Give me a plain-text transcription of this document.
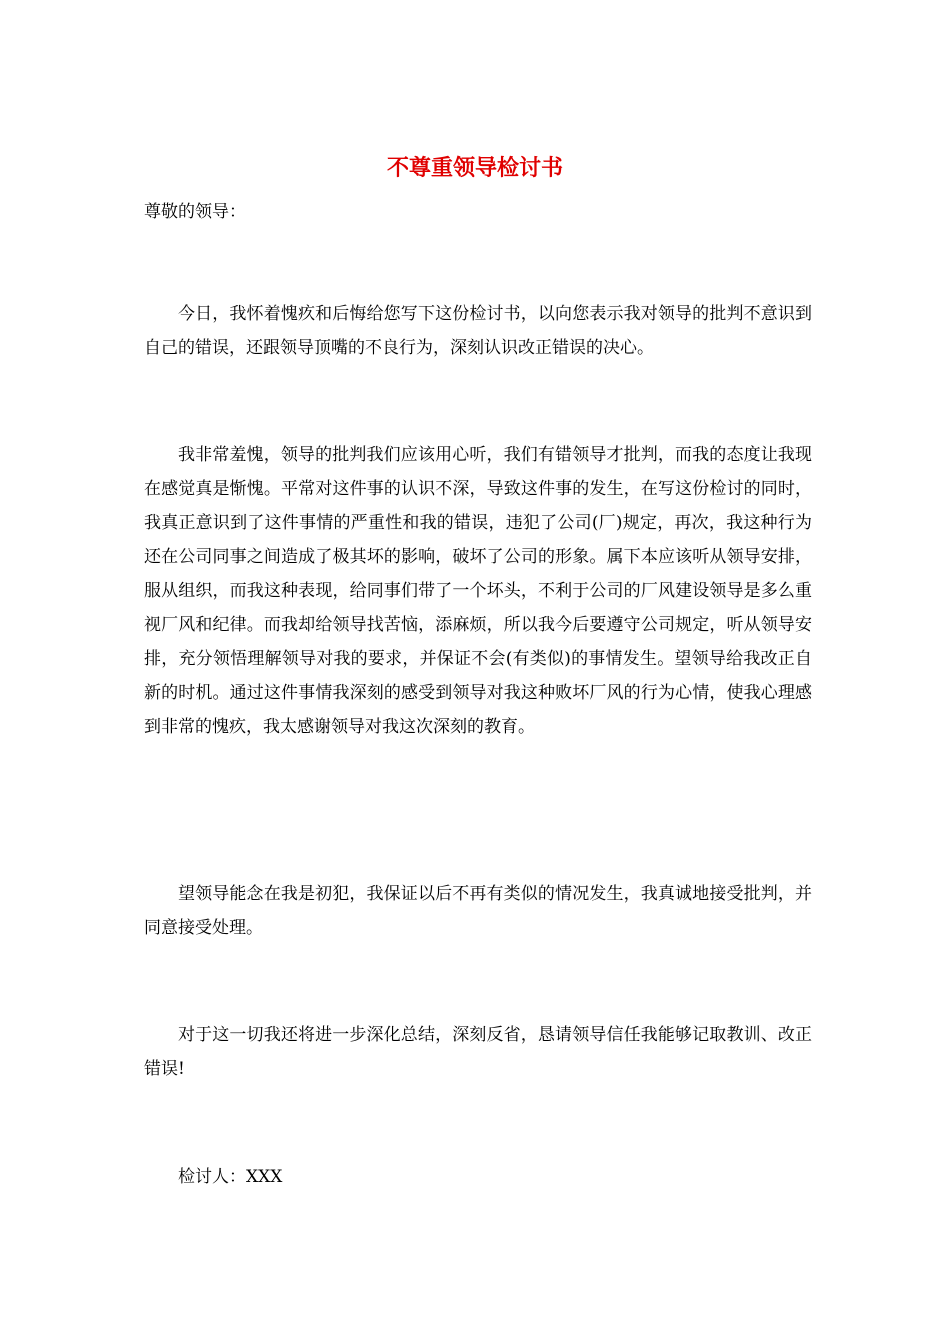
不尊重领导检讨书

尊敬的领导：

今日，我怀着愧疚和后悔给您写下这份检讨书，以向您表示我对领导的批判不意识到自己的错误，还跟领导顶嘴的不良行为，深刻认识改正错误的决心。

我非常羞愧，领导的批判我们应该用心听，我们有错领导才批判，而我的态度让我现在感觉真是惭愧。平常对这件事的认识不深，导致这件事的发生，在写这份检讨的同时，我真正意识到了这件事情的严重性和我的错误，违犯了公司(厂)规定，再次，我这种行为还在公司同事之间造成了极其坏的影响，破坏了公司的形象。属下本应该听从领导安排，服从组织，而我这种表现，给同事们带了一个坏头，不利于公司的厂风建设领导是多么重视厂风和纪律。而我却给领导找苦恼，添麻烦，所以我今后要遵守公司规定，听从领导安排，充分领悟理解领导对我的要求，并保证不会(有类似)的事情发生。望领导给我改正自新的时机。通过这件事情我深刻的感受到领导对我这种败坏厂风的行为心情，使我心理感到非常的愧疚，我太感谢领导对我这次深刻的教育。

望领导能念在我是初犯，我保证以后不再有类似的情况发生，我真诚地接受批判，并同意接受处理。

对于这一切我还将进一步深化总结，深刻反省，恳请领导信任我能够记取教训、改正错误!

检讨人：XXX
